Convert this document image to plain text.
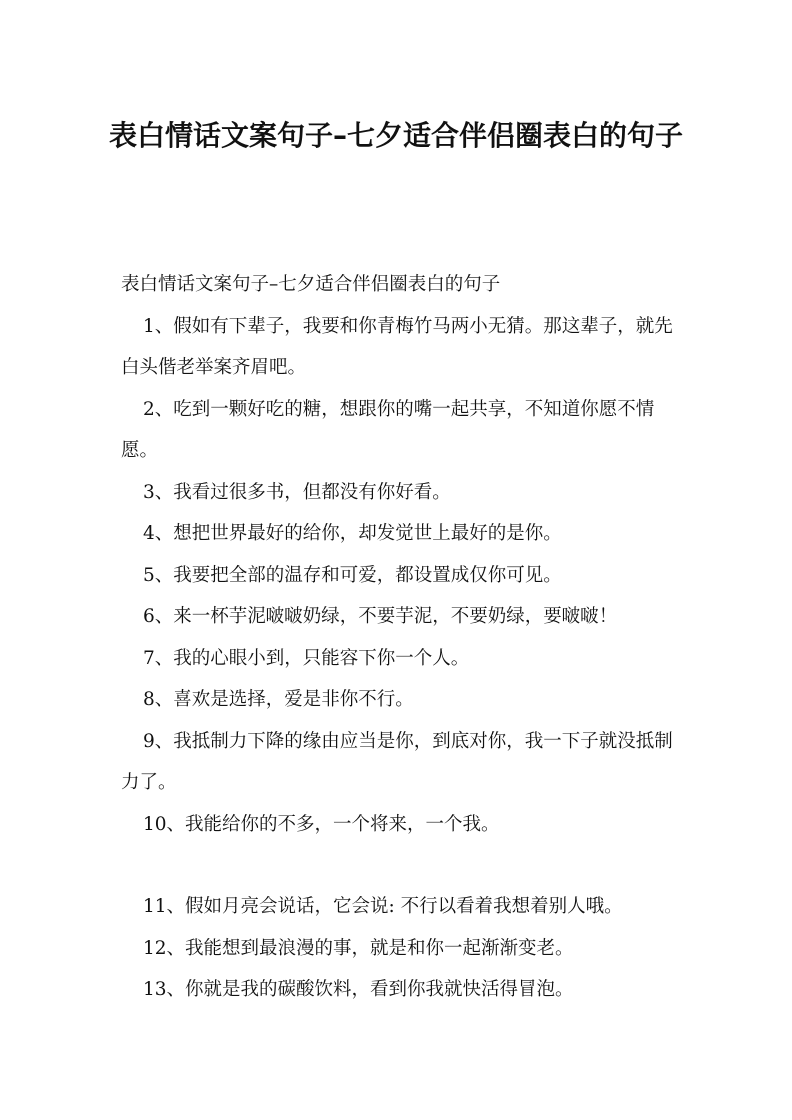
表白情话文案句子–七夕适合伴侣圈表白的句子

表白情话文案句子–七夕适合伴侣圈表白的句子

1、假如有下辈子，我要和你青梅竹马两小无猜。那这辈子，就先白头偕老举案齐眉吧。

2、吃到一颗好吃的糖，想跟你的嘴一起共享，不知道你愿不情愿。

3、我看过很多书，但都没有你好看。

4、想把世界最好的给你，却发觉世上最好的是你。

5、我要把全部的温存和可爱，都设置成仅你可见。

6、来一杯芋泥啵啵奶绿，不要芋泥，不要奶绿，要啵啵！

7、我的心眼小到，只能容下你一个人。

8、喜欢是选择，爱是非你不行。

9、我抵制力下降的缘由应当是你，到底对你，我一下子就没抵制力了。

10、我能给你的不多，一个将来，一个我。

11、假如月亮会说话，它会说: 不行以看着我想着别人哦。

12、我能想到最浪漫的事，就是和你一起渐渐变老。

13、你就是我的碳酸饮料，看到你我就快活得冒泡。
